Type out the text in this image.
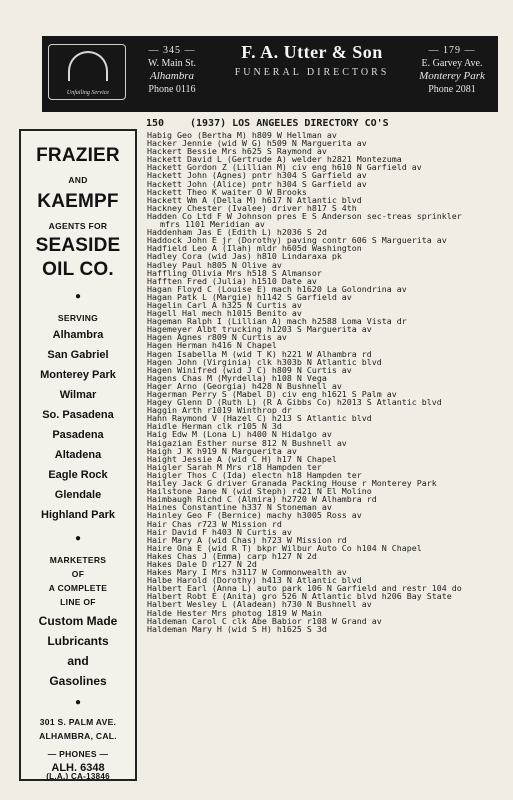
Unfailing Service
— 345 —
W. Main St.
Alhambra
Phone 0116
F. A. Utter & Son
FUNERAL DIRECTORS
— 179 —
E. Garvey Ave.
Monterey Park
Phone 2081
150	(1937) LOS ANGELES DIRECTORY CO'S
FRAZIER
AND
KAEMPF
AGENTS FOR
SEASIDE
OIL CO.
●
SERVING
Alhambra
San Gabriel
Monterey Park
Wilmar
So. Pasadena
Pasadena
Altadena
Eagle Rock
Glendale
Highland Park
●
MARKETERS
OF
A COMPLETE
LINE OF
Custom Made
Lubricants
and
Gasolines
●
301 S. PALM AVE.
ALHAMBRA, CAL.
— PHONES —
ALH. 6348
(L.A.) CA-13846
Habig Geo (Bertha M) h809 W Hellman av
Hacker Jennie (wid W G) h509 N Marguerita av
Hackert Bessie Mrs h625 S Raymond av
Hackett David L (Gertrude A) welder h2821 Montezuma
Hackett Gordon Z (Lillian M) civ eng h610 N Garfield av
Hackett John (Agnes) pntr h304 S Garfield av
Hackett John (Alice) pntr h304 S Garfield av
Hackett Theo K waiter O W Brooks
Hackett Wm A (Della M) h617 N Atlantic blvd
Hackney Chester (Ivalee) driver h817 S 4th
Hadden Co Ltd F W Johnson pres E S Anderson sec-treas sprinkler
mfrs 1101 Meridian av
Haddenham Jas E (Edith L) h2036 S 2d
Haddock John E jr (Dorothy) paving contr 606 S Marguerita av
Hadfield Leo A (Ilah) mldr h605d Washington
Hadley Cora (wid Jas) h810 Lindaraxa pk
Hadley Paul h805 N Olive av
Haffling Olivia Mrs h518 S Almansor
Hafften Fred (Julia) h1510 Date av
Hagan Floyd C (Louise E) mach h1620 La Golondrina av
Hagan Patk L (Margie) h1142 S Garfield av
Hagelin Carl A h325 N Curtis av
Hagell Hal mech h1015 Benito av
Hageman Ralph I (Lillian A) mach h2588 Loma Vista dr
Hagemeyer Albt trucking h1203 S Marguerita av
Hagen Agnes r809 N Curtis av
Hagen Herman h416 N Chapel
Hagen Isabella M (wid T K) h221 W Alhambra rd
Hagen John (Virginia) clk h303b N Atlantic blvd
Hagen Winifred (wid J C) h809 N Curtis av
Hagens Chas M (Myrdella) h108 N Vega
Hager Arno (Georgia) h428 N Bushnell av
Hagerman Perry S (Mabel D) civ eng h1621 S Palm av
Hagey Glenn D (Ruth L) (R A Gibbs Co) h2013 S Atlantic blvd
Haggin Arth r1019 Winthrop dr
Hahn Raymond V (Hazel C) h213 S Atlantic blvd
Haidle Herman clk r105 N 3d
Haig Edw M (Lona L) h400 N Hidalgo av
Haigazian Esther nurse 812 N Bushnell av
Haigh J K h919 N Marguerita av
Haight Jessie A (wid C H) h17 N Chapel
Haigler Sarah M Mrs r18 Hampden ter
Haigler Thos C (Ida) electn h18 Hampden ter
Hailey Jack G driver Granada Packing House r Monterey Park
Hailstone Jane N (wid Steph) r421 N El Molino
Haimbaugh Richd C (Almira) h2720 W Alhambra rd
Haines Constantine h337 N Stoneman av
Hainley Geo F (Bernice) machy h3005 Ross av
Hair Chas r723 W Mission rd
Hair David F h403 N Curtis av
Hair Mary A (wid Chas) h723 W Mission rd
Haire Ona E (wid R T) bkpr Wilbur Auto Co h104 N Chapel
Hakes Chas J (Emma) carp h127 N 2d
Hakes Dale D r127 N 2d
Hakes Mary I Mrs h3117 W Commonwealth av
Halbe Harold (Dorothy) h413 N Atlantic blvd
Halbert Earl (Anna L) auto park 106 N Garfield and restr 104 do
Halbert Robt E (Anita) gro 526 N Atlantic blvd h206 Bay State
Halbert Wesley L (Aladean) h730 N Bushnell av
Halde Hester Mrs photog 1819 W Main
Haldeman Carol C clk Abe Babior r108 W Grand av
Haldeman Mary H (wid S H) h1625 S 3d
